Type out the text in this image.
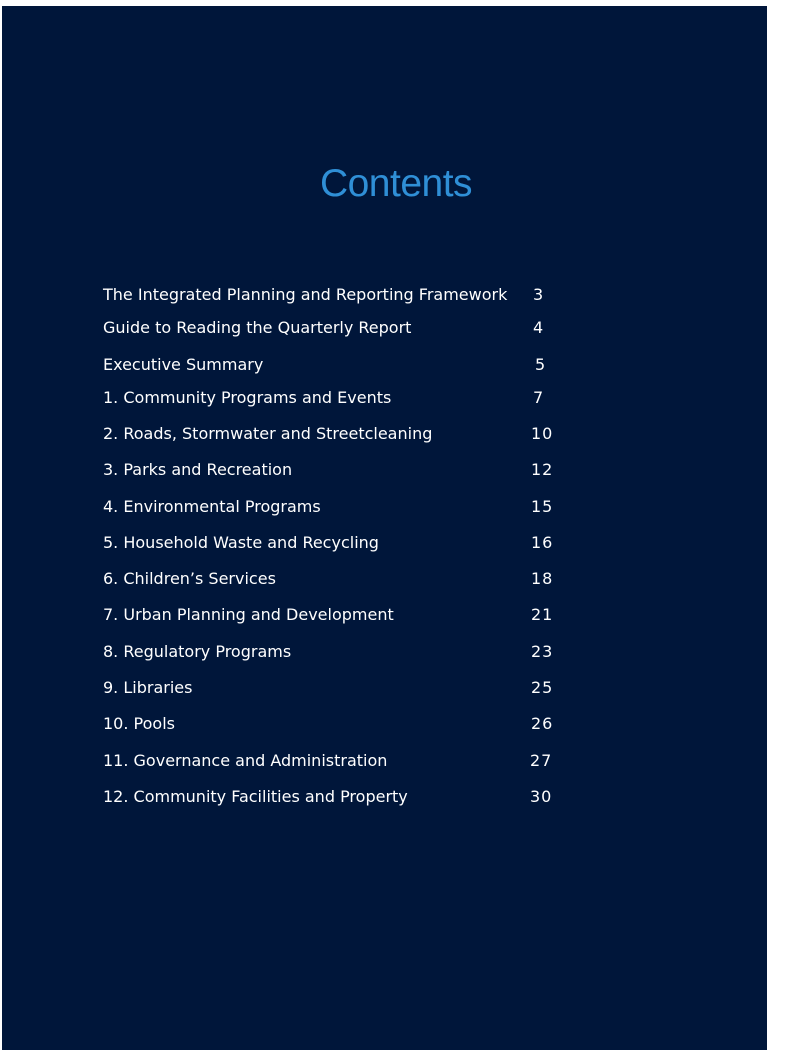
Contents
The Integrated Planning and Reporting Framework 3
Guide to Reading the Quarterly Report	4
Executive Summary	5
1. Community Programs and Events	7
2. Roads, Stormwater and Streetcleaning	10
3. Parks and Recreation	12
4. Environmental Programs	15
5. Household Waste and Recycling	16
6. Children’s Services	18
7. Urban Planning and Development	21
8. Regulatory Programs	23
9. Libraries	25
10. Pools	26
11. Governance and Administration	27
12. Community Facilities and Property	30
